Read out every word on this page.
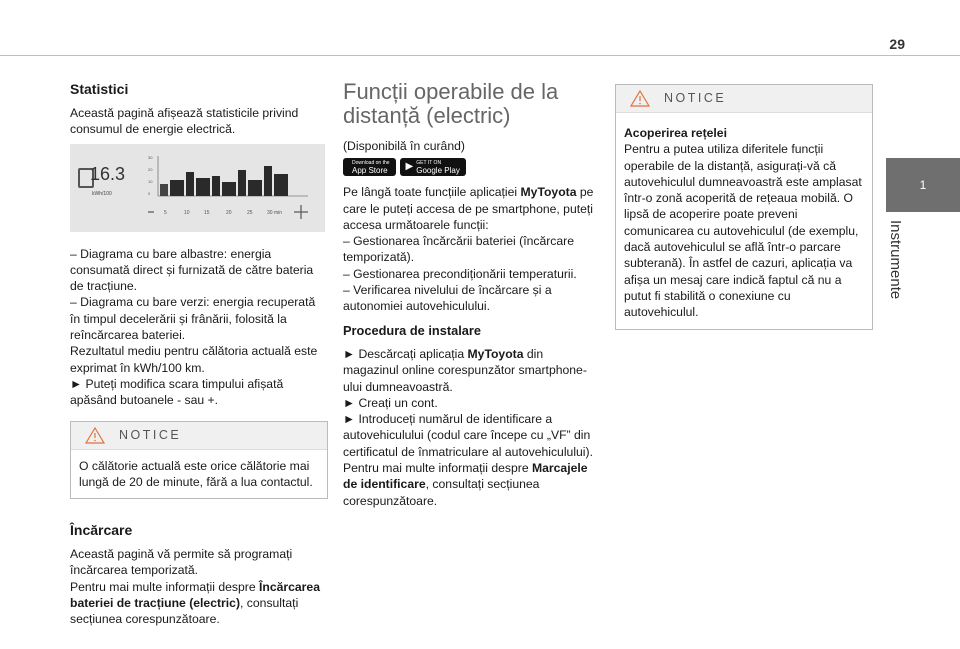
29
1
Instrumente
Statistici

Această pagină afișează statisticile privind consumul de energie electrică.

16.3
kWh/100
30
20
10
0
5	10	15	20	25	30 min

– Diagrama cu bare albastre: energia consumată direct și furnizată de către bateria de tracțiune.

– Diagrama cu bare verzi: energia recuperată în timpul decelerării și frânării, folosită la reîncărcarea bateriei.

Rezultatul mediu pentru călătoria actuală este exprimat în kWh/100 km.

► Puteți modifica scara timpului afișată apăsând butoanele - sau +.

NOTICE

O călătorie actuală este orice călătorie mai lungă de 20 de minute, fără a lua contactul.

Încărcare

Această pagină vă permite să programați încărcarea temporizată.

Pentru mai multe informații despre Încărcarea bateriei de tracțiune (electric), consultați secțiunea corespunzătoare.

Funcții operabile de la distanță (electric)

(Disponibilă în curând)

Download on the
App Store ▶ GET IT ON
Google Play

Pe lângă toate funcțiile aplicației MyToyota pe care le puteți accesa de pe smartphone, puteți accesa următoarele funcții:

– Gestionarea încărcării bateriei (încărcare temporizată).

– Gestionarea precondiționării temperaturii.

– Verificarea nivelului de încărcare și a autonomiei autovehiculului.

Procedura de instalare

► Descărcați aplicația MyToyota din magazinul online corespunzător smartphone-ului dumneavoastră.

► Creați un cont.

► Introduceți numărul de identificare a autovehiculului (codul care începe cu „VF” din certificatul de înmatriculare al autovehiculului).

Pentru mai multe informații despre Marcajele de identificare, consultați secțiunea corespunzătoare.

NOTICE

Acoperirea rețelei

Pentru a putea utiliza diferitele funcții operabile de la distanță, asigurați-vă că autovehiculul dumneavoastră este amplasat într-o zonă acoperită de rețeaua mobilă. O lipsă de acoperire poate preveni comunicarea cu autovehiculul (de exemplu, dacă autovehiculul se află într-o parcare subterană). În astfel de cazuri, aplicația va afișa un mesaj care indică faptul că nu a putut fi stabilită o conexiune cu autovehiculul.
